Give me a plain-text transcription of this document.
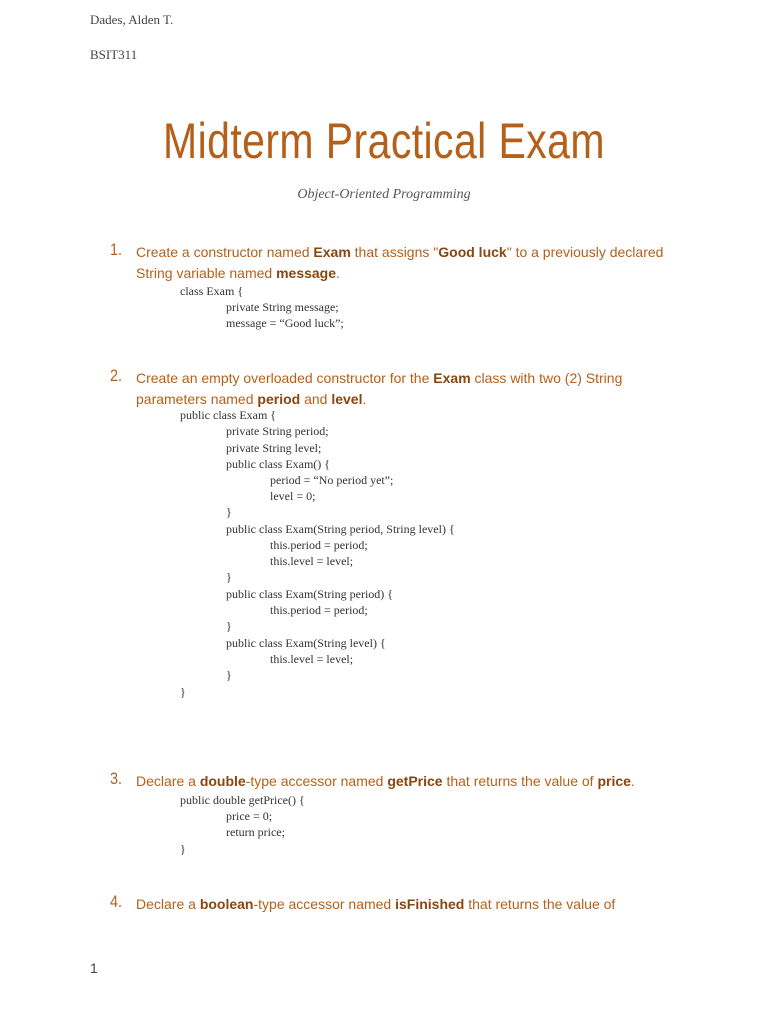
Dades, Alden T.
BSIT311
Midterm Practical Exam
Object-Oriented Programming
1. Create a constructor named Exam that assigns "Good luck" to a previously declared String variable named message.
class Exam {
private String message;
message = “Good luck”;
2. Create an empty overloaded constructor for the Exam class with two (2) String parameters named period and level.
public class Exam {
private String period;
private String level;
public class Exam() {
period = “No period yet”;
level = 0;
}
public class Exam(String period, String level) {
this.period = period;
this.level = level;
}
public class Exam(String period) {
this.period = period;
}
public class Exam(String level) {
this.level = level;
}
}
3. Declare a double-type accessor named getPrice that returns the value of price.
public double getPrice() {
price = 0;
return price;
}
4. Declare a boolean-type accessor named isFinished that returns the value of
1
